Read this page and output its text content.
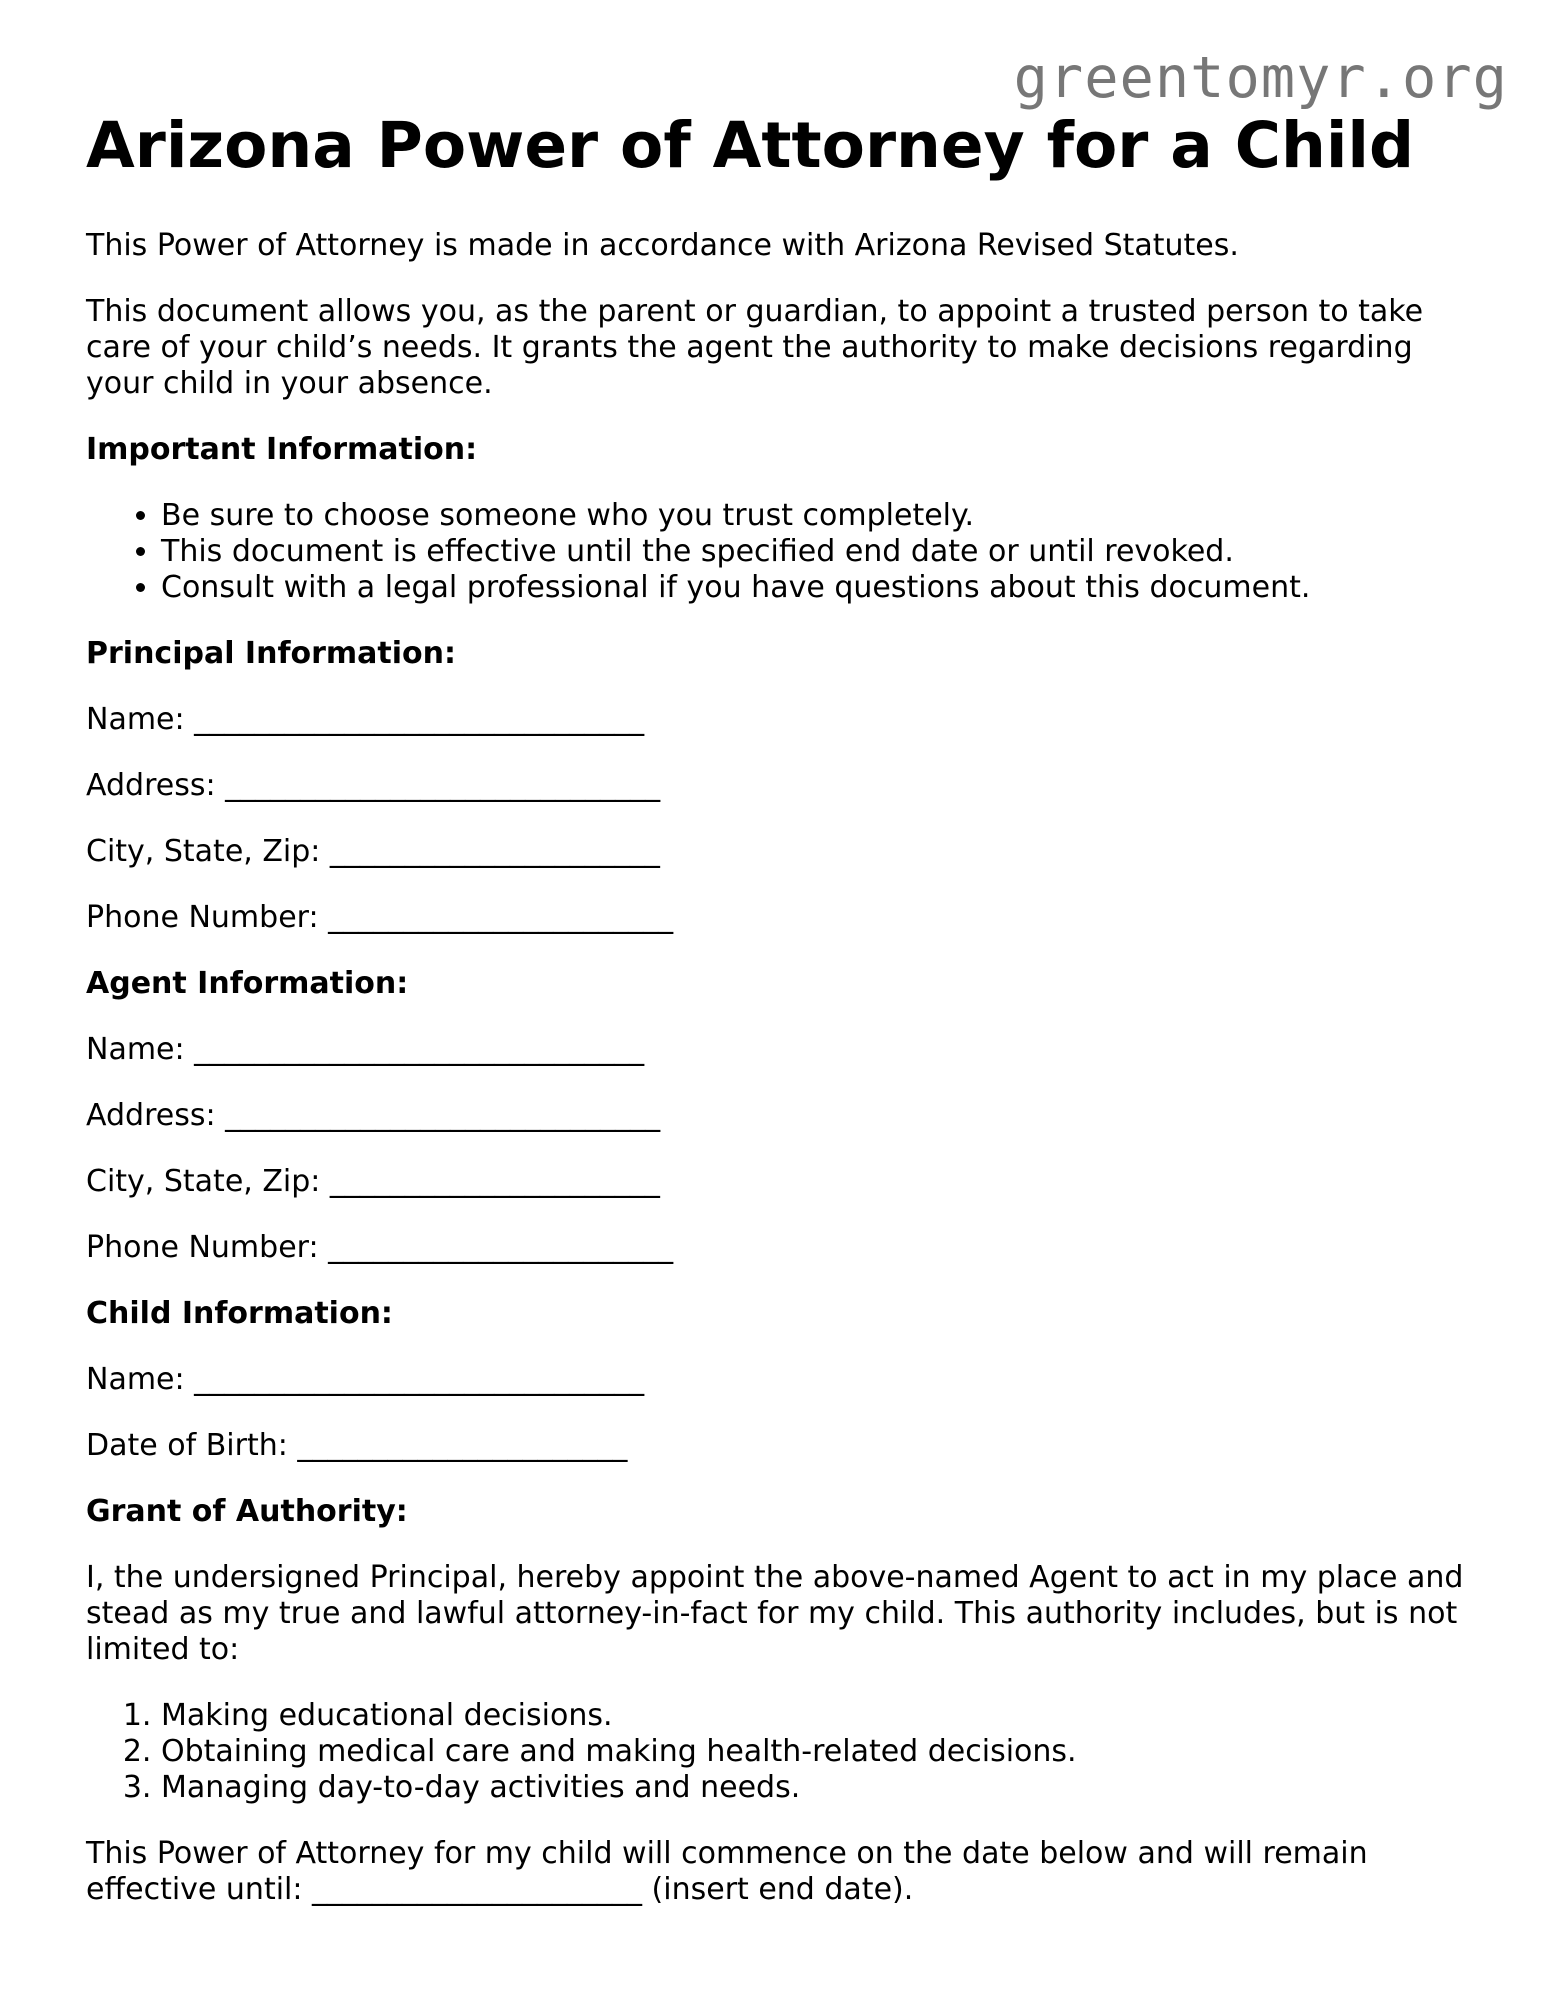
greentomyr.org
Arizona Power of Attorney for a Child

This Power of Attorney is made in accordance with Arizona Revised Statutes.

This document allows you, as the parent or guardian, to appoint a trusted person to take care of your child’s needs. It grants the agent the authority to make decisions regarding your child in your absence.

Important Information:
• Be sure to choose someone who you trust completely.
• This document is effective until the specified end date or until revoked.
• Consult with a legal professional if you have questions about this document.
Principal Information:
Name: ______________________________
Address: _____________________________
City, State, Zip: ______________________
Phone Number: _______________________
Agent Information:
Name: ______________________________
Address: _____________________________
City, State, Zip: ______________________
Phone Number: _______________________
Child Information:
Name: ______________________________
Date of Birth: ______________________
Grant of Authority:

I, the undersigned Principal, hereby appoint the above-named Agent to act in my place and stead as my true and lawful attorney-in-fact for my child. This authority includes, but is not limited to:

1. Making educational decisions.
2. Obtaining medical care and making health-related decisions.
3. Managing day-to-day activities and needs.

This Power of Attorney for my child will commence on the date below and will remain effective until: ______________________ (insert end date).
